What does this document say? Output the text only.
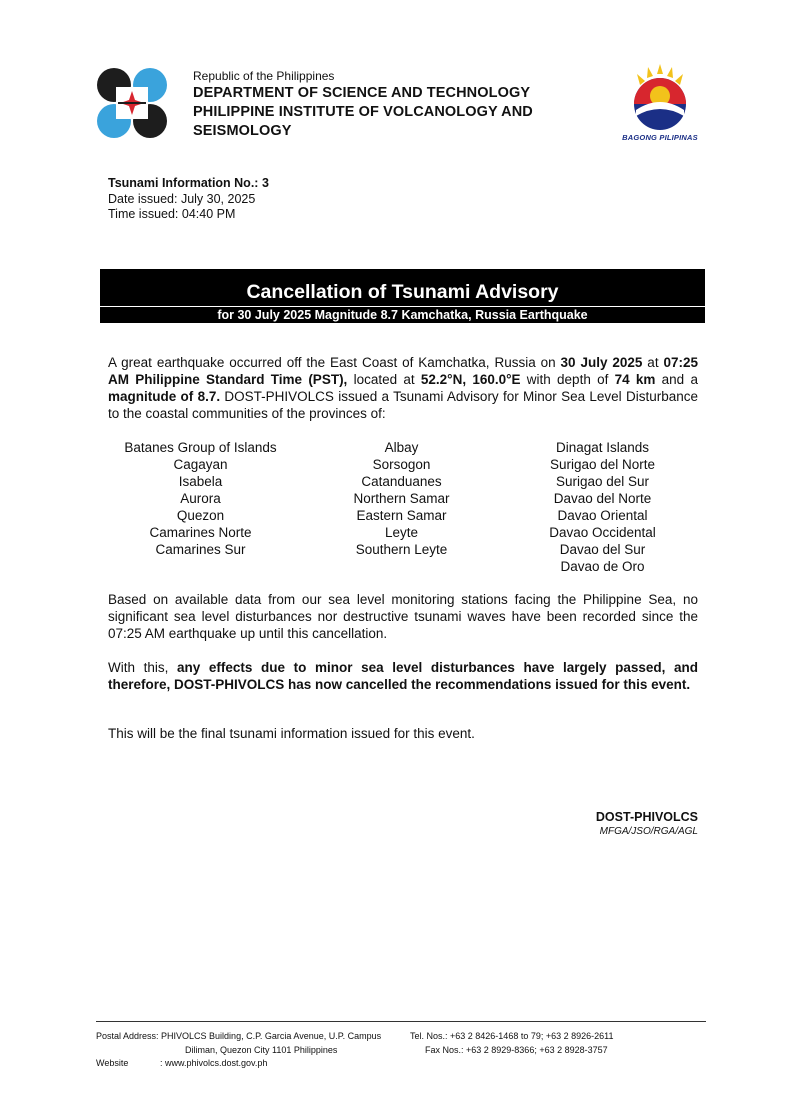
Republic of the Philippines
DEPARTMENT OF SCIENCE AND TECHNOLOGY
PHILIPPINE INSTITUTE OF VOLCANOLOGY AND
SEISMOLOGY	BAGONG PILIPINAS
Tsunami Information No.: 3
Date issued: July 30, 2025
Time issued: 04:40 PM
Cancellation of Tsunami Advisory
for 30 July 2025 Magnitude 8.7 Kamchatka, Russia Earthquake
A great earthquake occurred off the East Coast of Kamchatka, Russia on 30 July 2025 at 07:25 AM Philippine Standard Time (PST), located at 52.2°N, 160.0°E with depth of 74 km and a magnitude of 8.7. DOST-PHIVOLCS issued a Tsunami Advisory for Minor Sea Level Disturbance to the coastal communities of the provinces of:
Batanes Group of Islands
Cagayan
Isabela
Aurora
Quezon
Camarines Norte
Camarines Sur
Albay
Sorsogon
Catanduanes
Northern Samar
Eastern Samar
Leyte
Southern Leyte
Dinagat Islands
Surigao del Norte
Surigao del Sur
Davao del Norte
Davao Oriental
Davao Occidental
Davao del Sur
Davao de Oro
Based on available data from our sea level monitoring stations facing the Philippine Sea, no significant sea level disturbances nor destructive tsunami waves have been recorded since the 07:25 AM earthquake up until this cancellation.
With this, any effects due to minor sea level disturbances have largely passed, and therefore, DOST-PHIVOLCS has now cancelled the recommendations issued for this event.
This will be the final tsunami information issued for this event.
DOST-PHIVOLCS
MFGA/JSO/RGA/AGL
Postal Address: PHIVOLCS Building, C.P. Garcia Avenue, U.P. Campus
Diliman, Quezon City 1101 Philippines
Website	: www.phivolcs.dost.gov.ph
Tel. Nos.: +63 2 8426-1468 to 79; +63 2 8926-2611
Fax Nos.: +63 2 8929-8366; +63 2 8928-3757
